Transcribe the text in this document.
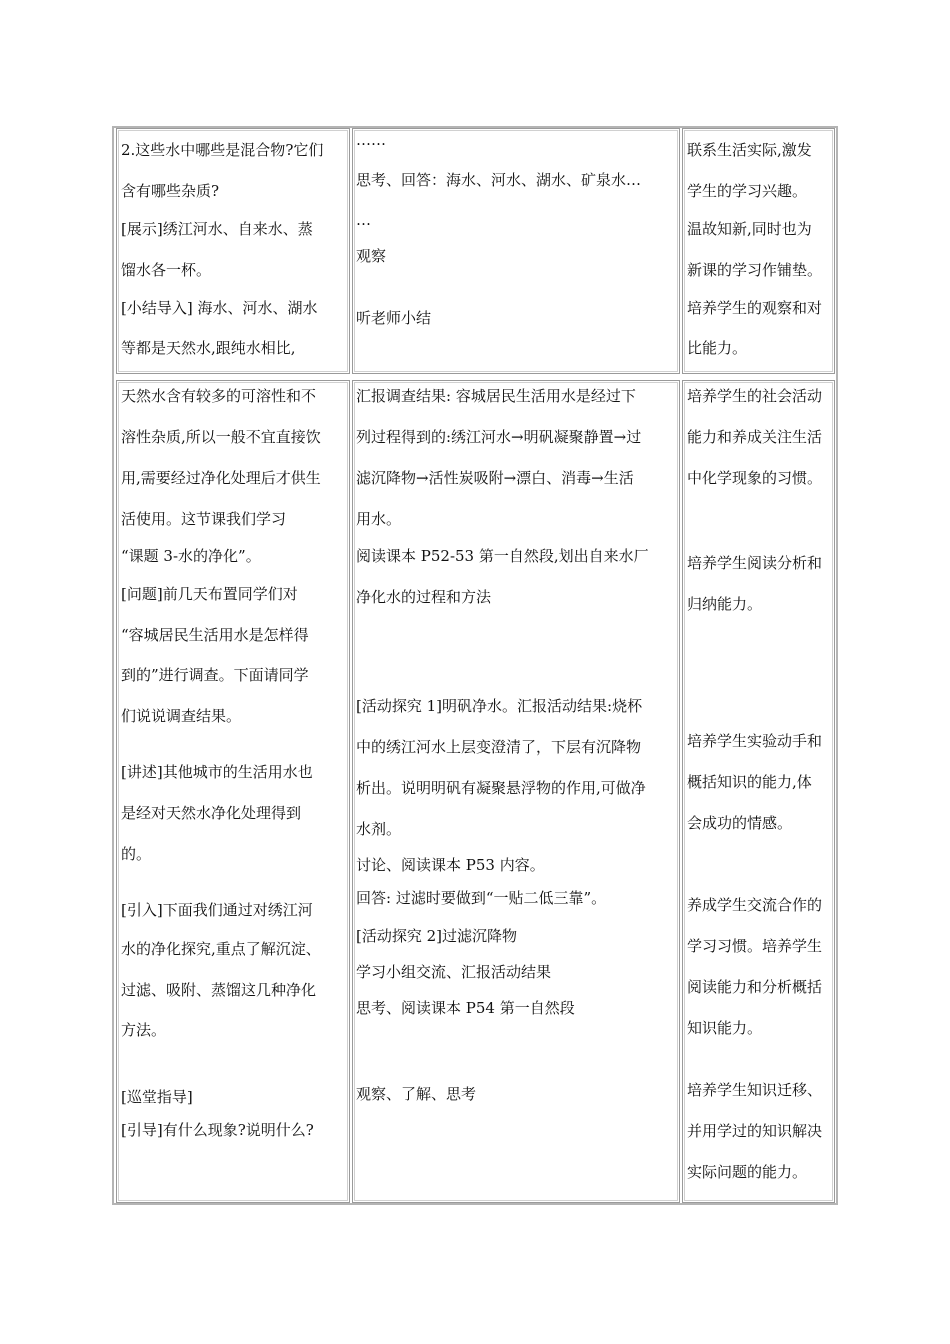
2.这些水中哪些是混合物?它们
含有哪些杂质?
[展示]绣江河水、自来水、蒸
馏水各一杯。
[小结导入] 海水、河水、湖水
等都是天然水,跟纯水相比,
……
思考、回答：海水、河水、湖水、矿泉水…
…
观察
听老师小结
联系生活实际,激发
学生的学习兴趣。
温故知新,同时也为
新课的学习作铺垫。
培养学生的观察和对
比能力。
天然水含有较多的可溶性和不
溶性杂质,所以一般不宜直接饮
用,需要经过净化处理后才供生
活使用。这节课我们学习
“课题 3-水的净化”。
[问题]前几天布置同学们对
“容城居民生活用水是怎样得
到的”进行调查。下面请同学
们说说调查结果。
[讲述]其他城市的生活用水也
是经对天然水净化处理得到
的。
[引入]下面我们通过对绣江河
水的净化探究,重点了解沉淀、
过滤、吸附、蒸馏这几种净化
方法。
[巡堂指导]
[引导]有什么现象?说明什么?
汇报调查结果: 容城居民生活用水是经过下
列过程得到的:绣江河水→明矾凝聚静置→过
滤沉降物→活性炭吸附→漂白、消毒→生活
用水。
阅读课本 P52-53 第一自然段,划出自来水厂
净化水的过程和方法
[活动探究 1]明矾净水。汇报活动结果:烧杯
中的绣江河水上层变澄清了，下层有沉降物
析出。说明明矾有凝聚悬浮物的作用,可做净
水剂。
讨论、阅读课本 P53 内容。
回答: 过滤时要做到“一贴二低三靠”。
[活动探究 2]过滤沉降物
学习小组交流、汇报活动结果
思考、阅读课本 P54 第一自然段
观察、了解、思考
培养学生的社会活动
能力和养成关注生活
中化学现象的习惯。
培养学生阅读分析和
归纳能力。
培养学生实验动手和
概括知识的能力,体
会成功的情感。
养成学生交流合作的
学习习惯。培养学生
阅读能力和分析概括
知识能力。
培养学生知识迁移、
并用学过的知识解决
实际问题的能力。
